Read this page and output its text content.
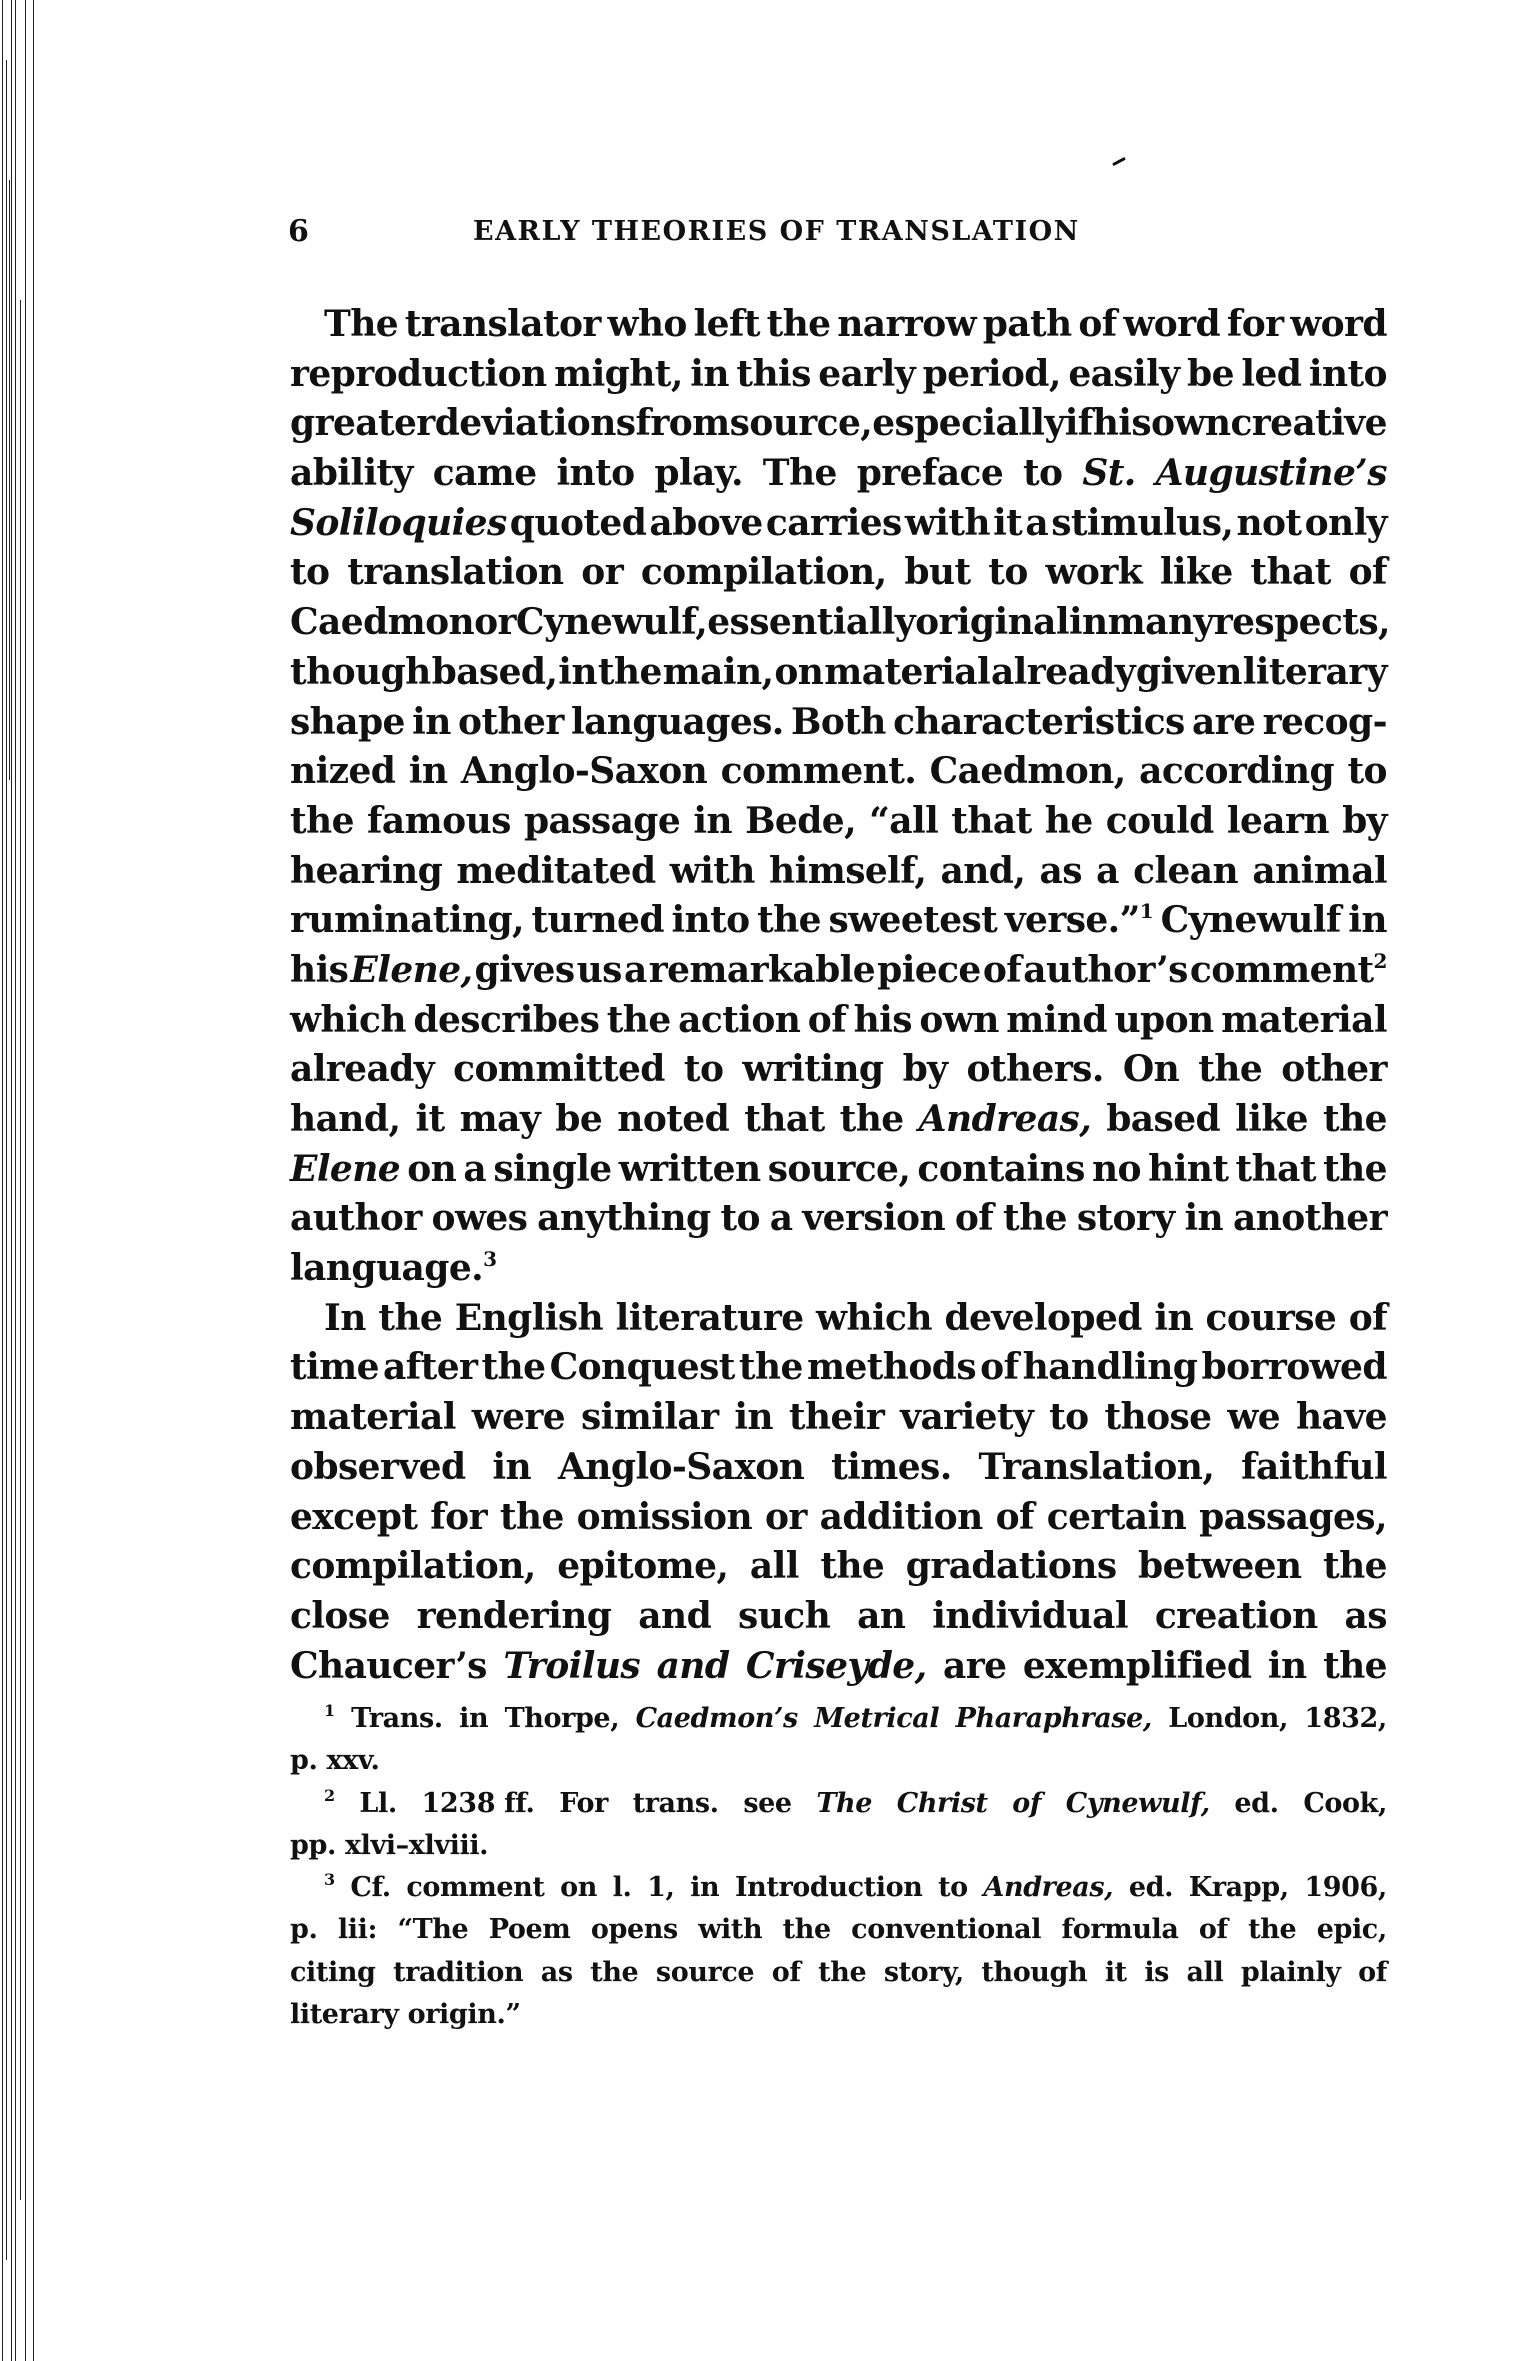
6	EARLY THEORIES OF TRANSLATION
The translator who left the narrow path of word for word
reproduction might, in this early period, easily be led into
greater deviations from source, especially if his own creative
ability came into play. The preface to St. Augustine’s
Soliloquies quoted above carries with it a stimulus, not only
to translation or compilation, but to work like that of
Caedmon or Cynewulf, essentially original in many respects,
though based, in the main, on material already given literary
shape in other languages. Both characteristics are recog-
nized in Anglo-Saxon comment. Caedmon, according to
the famous passage in Bede, “all that he could learn by
hearing meditated with himself, and, as a clean animal
ruminating, turned into the sweetest verse.”$^1$ Cynewulf in
his Elene, gives us a remarkable piece of author’s comment$^2$
which describes the action of his own mind upon material
already committed to writing by others. On the other
hand, it may be noted that the Andreas, based like the
Elene on a single written source, contains no hint that the
author owes anything to a version of the story in another
language.$^3$
In the English literature which developed in course of
time after the Conquest the methods of handling borrowed
material were similar in their variety to those we have
observed in Anglo-Saxon times. Translation, faithful
except for the omission or addition of certain passages,
compilation, epitome, all the gradations between the
close rendering and such an individual creation as
Chaucer’s Troilus and Criseyde, are exemplified in the
$^1$ Trans. in Thorpe, Caedmon’s Metrical Pharaphrase, London, 1832,
p. xxv.
$^2$ Ll. 1238 ff. For trans. see The Christ of Cynewulf, ed. Cook,
pp. xlvi–xlviii.
$^3$ Cf. comment on l. 1, in Introduction to Andreas, ed. Krapp, 1906,
p. lii: “The Poem opens with the conventional formula of the epic,
citing tradition as the source of the story, though it is all plainly of
literary origin.”
